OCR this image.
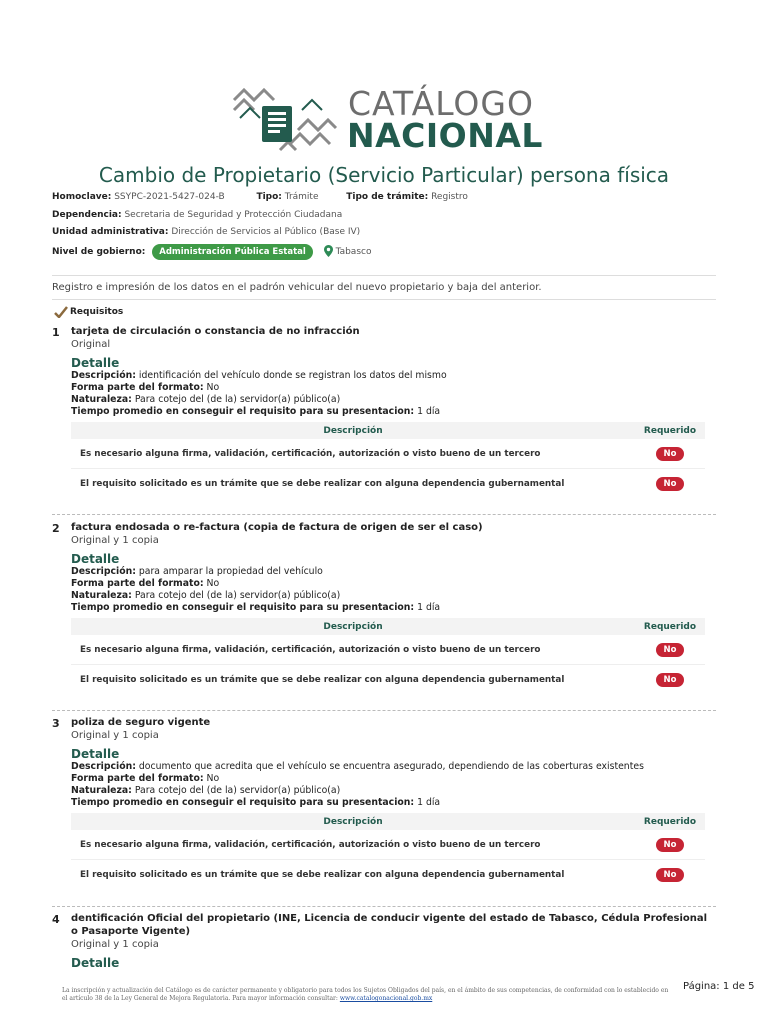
CATÁLOGO
NACIONAL
Cambio de Propietario (Servicio Particular) persona física
Homoclave: SSYPC-2021-5427-024-B	Tipo: Trámite	Tipo de trámite: Registro
Dependencia: Secretaria de Seguridad y Protección Ciudadana
Unidad administrativa: Dirección de Servicios al Público (Base IV)
Nivel de gobierno: Administración Pública Estatal	Tabasco
Registro e impresión de los datos en el padrón vehicular del nuevo propietario y baja del anterior.
Requisitos
1 tarjeta de circulación o constancia de no infracción
Original
Detalle
Descripción: identificación del vehículo donde se registran los datos del mismo
Forma parte del formato: No
Naturaleza: Para cotejo del (de la) servidor(a) público(a)
Tiempo promedio en conseguir el requisito para su presentacion: 1 día
Descripción	Requerido
Es necesario alguna firma, validación, certificación, autorización o visto bueno de un tercero	No
El requisito solicitado es un trámite que se debe realizar con alguna dependencia gubernamental	No
2 factura endosada o re-factura (copia de factura de origen de ser el caso)
Original y 1 copia
Detalle
Descripción: para amparar la propiedad del vehículo
Forma parte del formato: No
Naturaleza: Para cotejo del (de la) servidor(a) público(a)
Tiempo promedio en conseguir el requisito para su presentacion: 1 día
Descripción	Requerido
Es necesario alguna firma, validación, certificación, autorización o visto bueno de un tercero	No
El requisito solicitado es un trámite que se debe realizar con alguna dependencia gubernamental	No
3 poliza de seguro vigente
Original y 1 copia
Detalle
Descripción: documento que acredita que el vehículo se encuentra asegurado, dependiendo de las coberturas existentes
Forma parte del formato: No
Naturaleza: Para cotejo del (de la) servidor(a) público(a)
Tiempo promedio en conseguir el requisito para su presentacion: 1 día
Descripción	Requerido
Es necesario alguna firma, validación, certificación, autorización o visto bueno de un tercero	No
El requisito solicitado es un trámite que se debe realizar con alguna dependencia gubernamental	No
4 dentificación Oficial del propietario (INE, Licencia de conducir vigente del estado de Tabasco, Cédula Profesional o Pasaporte Vigente)
Original y 1 copia
Detalle
La inscripción y actualización del Catálogo es de carácter permanente y obligatorio para todos los Sujetos Obligados del país, en el ámbito de sus competencias, de conformidad con lo establecido en el artículo 38 de la Ley General de Mejora Regulatoria. Para mayor información consultar: www.catalogonacional.gob.mx
Página: 1 de 5
